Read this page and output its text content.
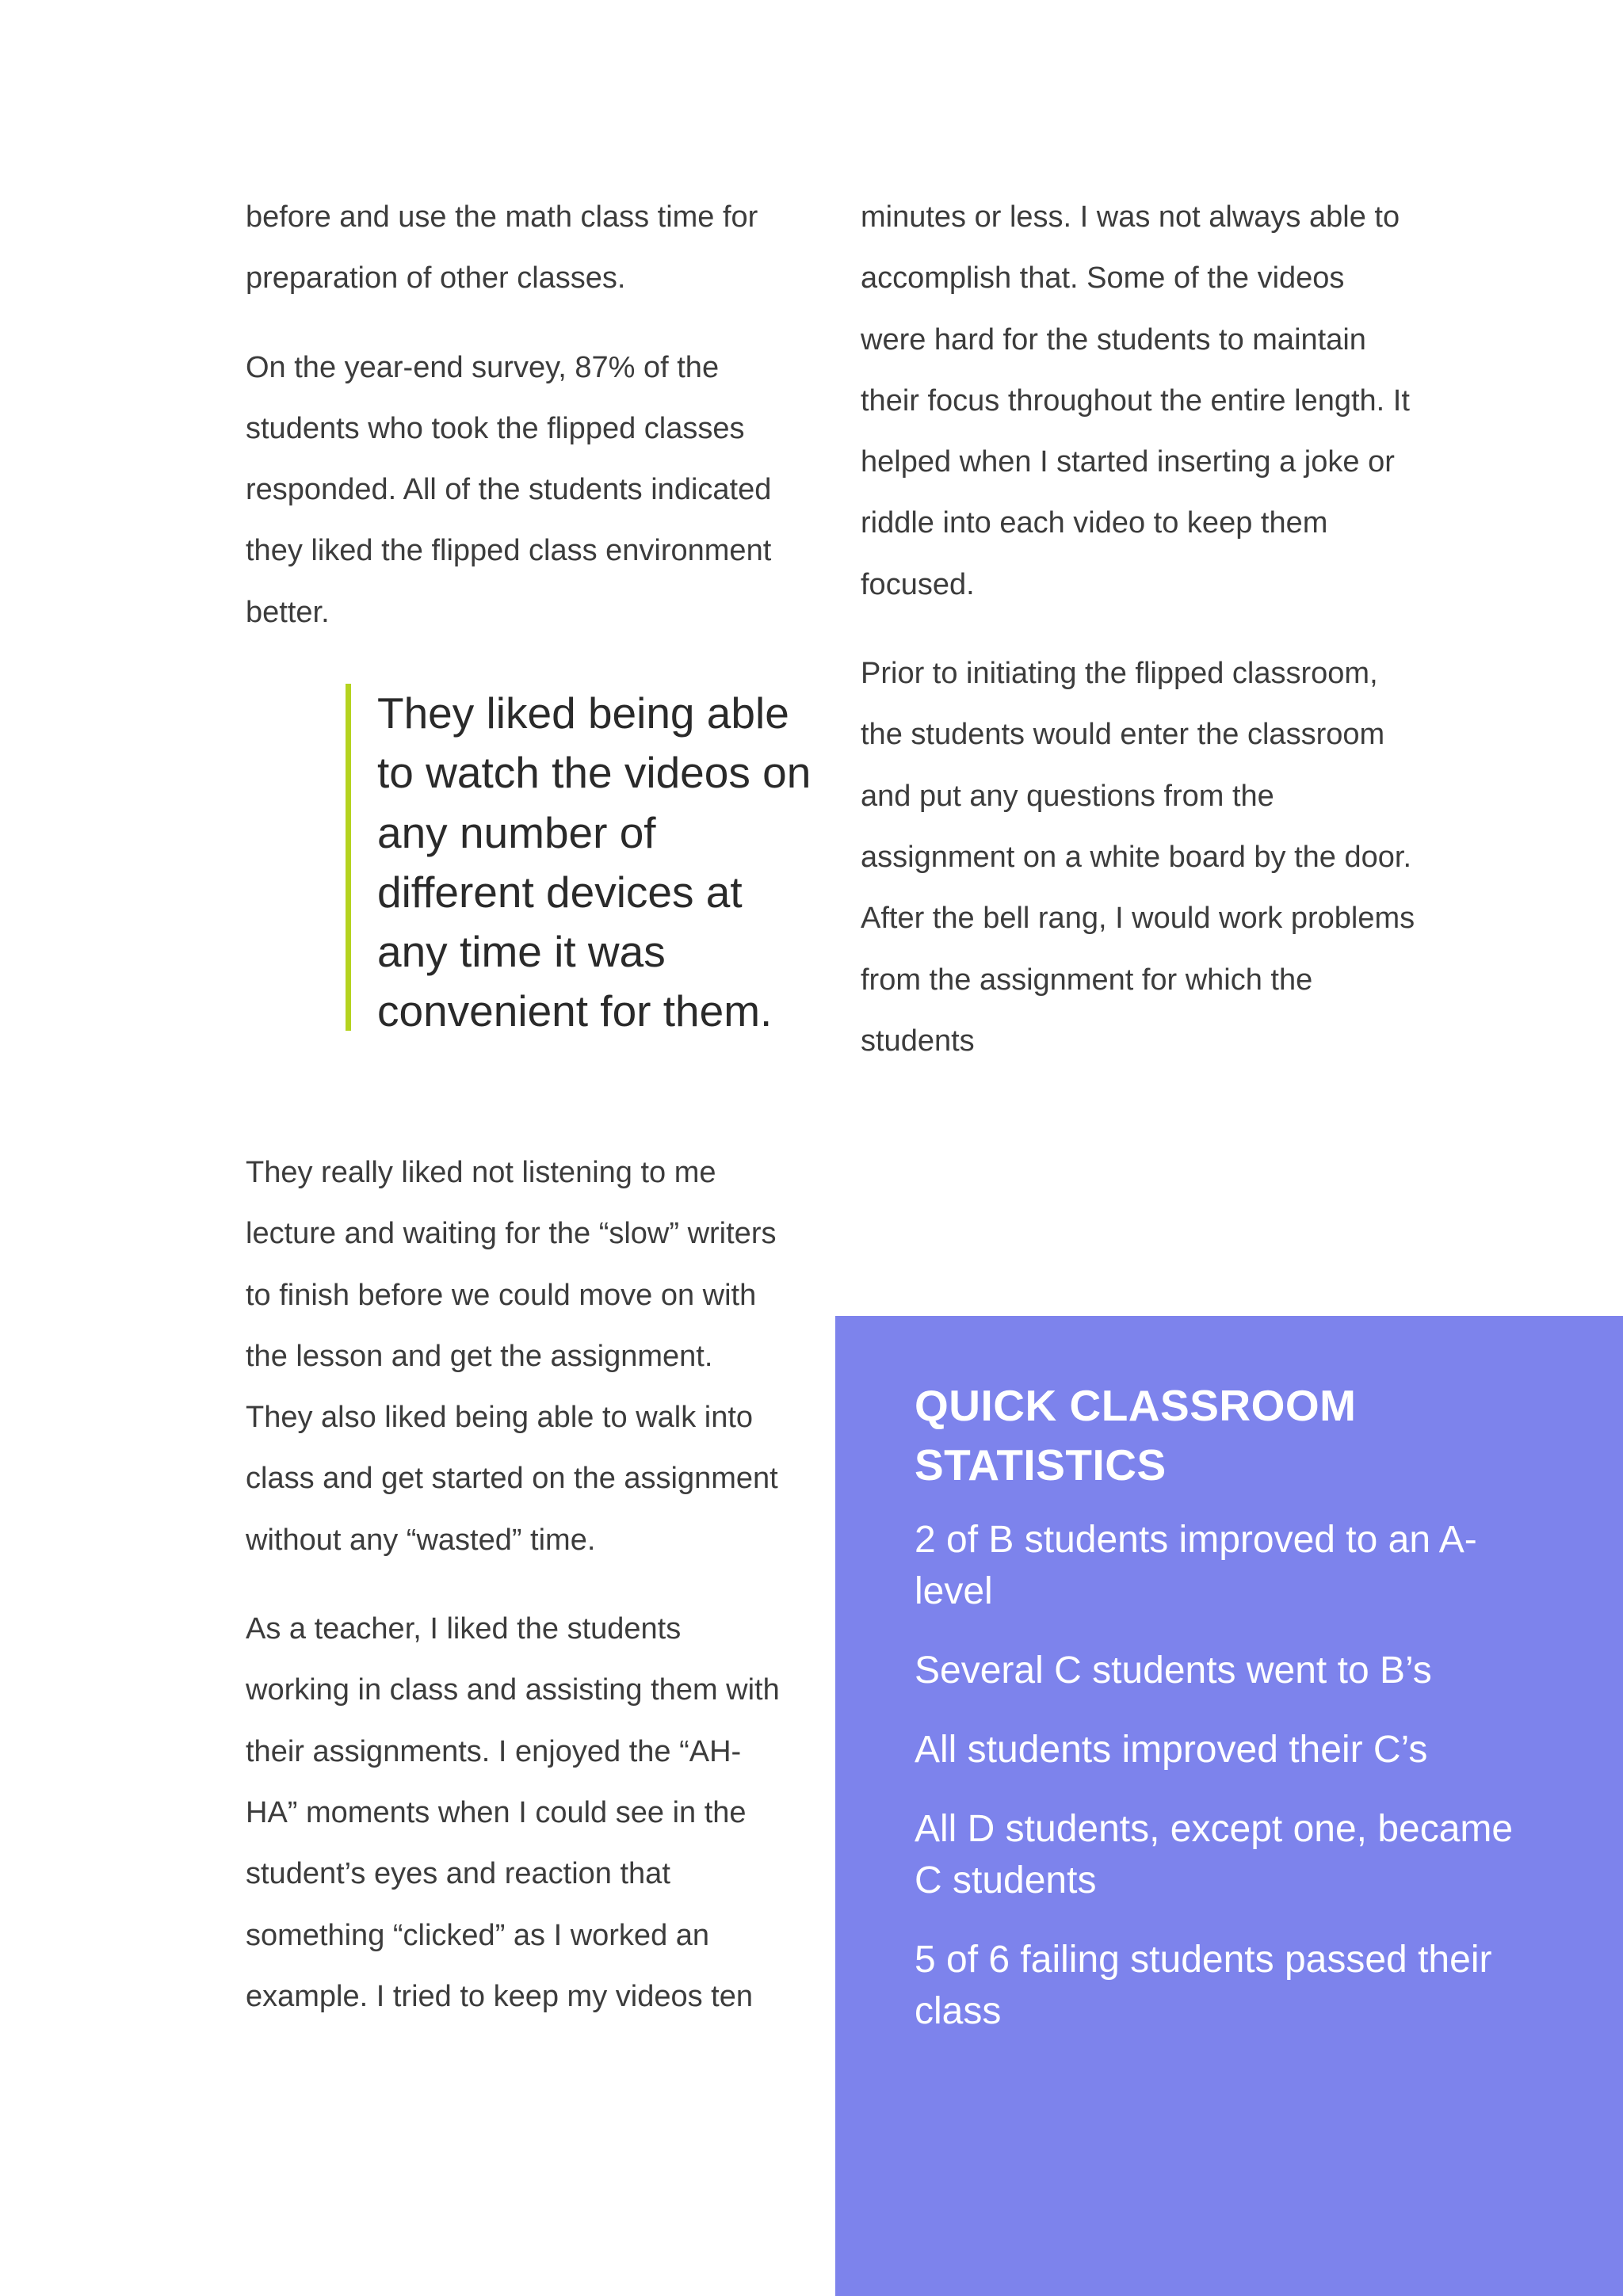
before and use the math class time for preparation of other classes.

On the year-end survey, 87% of the students who took the flipped classes responded. All of the students indicated they liked the flipped class environment better.

They liked being able to watch the videos on any number of different devices at any time it was convenient for them.

They really liked not listening to me lecture and waiting for the “slow” writers to finish before we could move on with the lesson and get the assignment. They also liked being able to walk into class and get started on the assignment without any “wasted” time.

As a teacher, I liked the students working in class and assisting them with their assignments. I enjoyed the “AH-HA” moments when I could see in the student’s eyes and reaction that something “clicked” as I worked an example. I tried to keep my videos ten

minutes or less. I was not always able to accomplish that. Some of the videos were hard for the students to maintain their focus throughout the entire length. It helped when I started inserting a joke or riddle into each video to keep them focused.

Prior to initiating the flipped classroom, the students would enter the classroom and put any questions from the assignment on a white board by the door. After the bell rang, I would work problems from the assignment for which the students

QUICK CLASSROOM STATISTICS
2 of B students improved to an A-level
Several C students went to B’s
All students improved their C’s
All D students, except one, became C students
5 of 6 failing students passed their class
